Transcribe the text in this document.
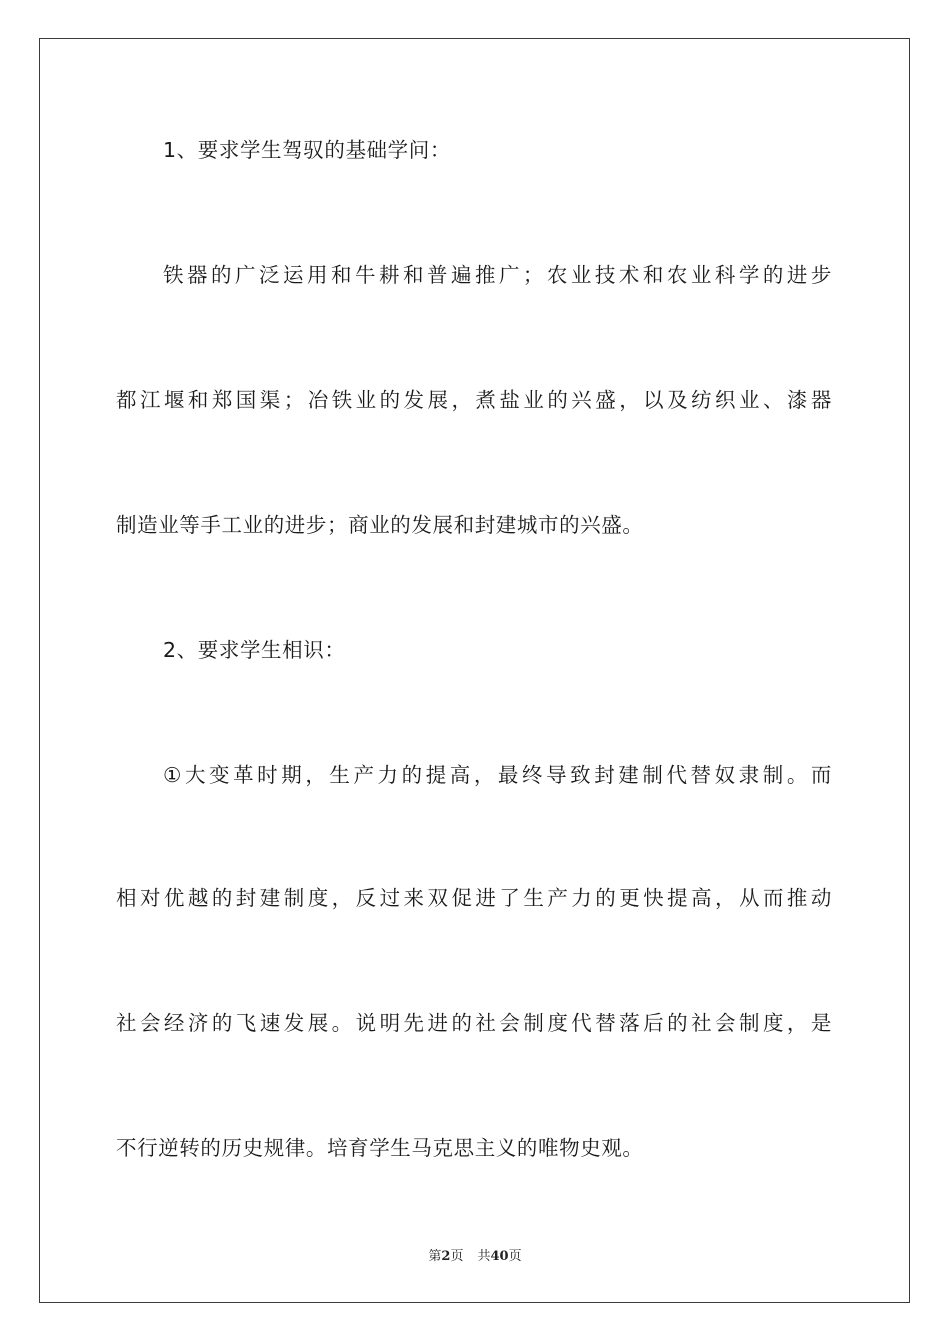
1、要求学生驾驭的基础学问：
铁器的广泛运用和牛耕和普遍推广；农业技术和农业科学的进步
都江堰和郑国渠；冶铁业的发展，煮盐业的兴盛，以及纺织业、漆器
制造业等手工业的进步；商业的发展和封建城市的兴盛。
2、要求学生相识：
①大变革时期，生产力的提高，最终导致封建制代替奴隶制。而
相对优越的封建制度，反过来双促进了生产力的更快提高，从而推动
社会经济的飞速发展。说明先进的社会制度代替落后的社会制度，是
不行逆转的历史规律。培育学生马克思主义的唯物史观。
第2页 共40页
